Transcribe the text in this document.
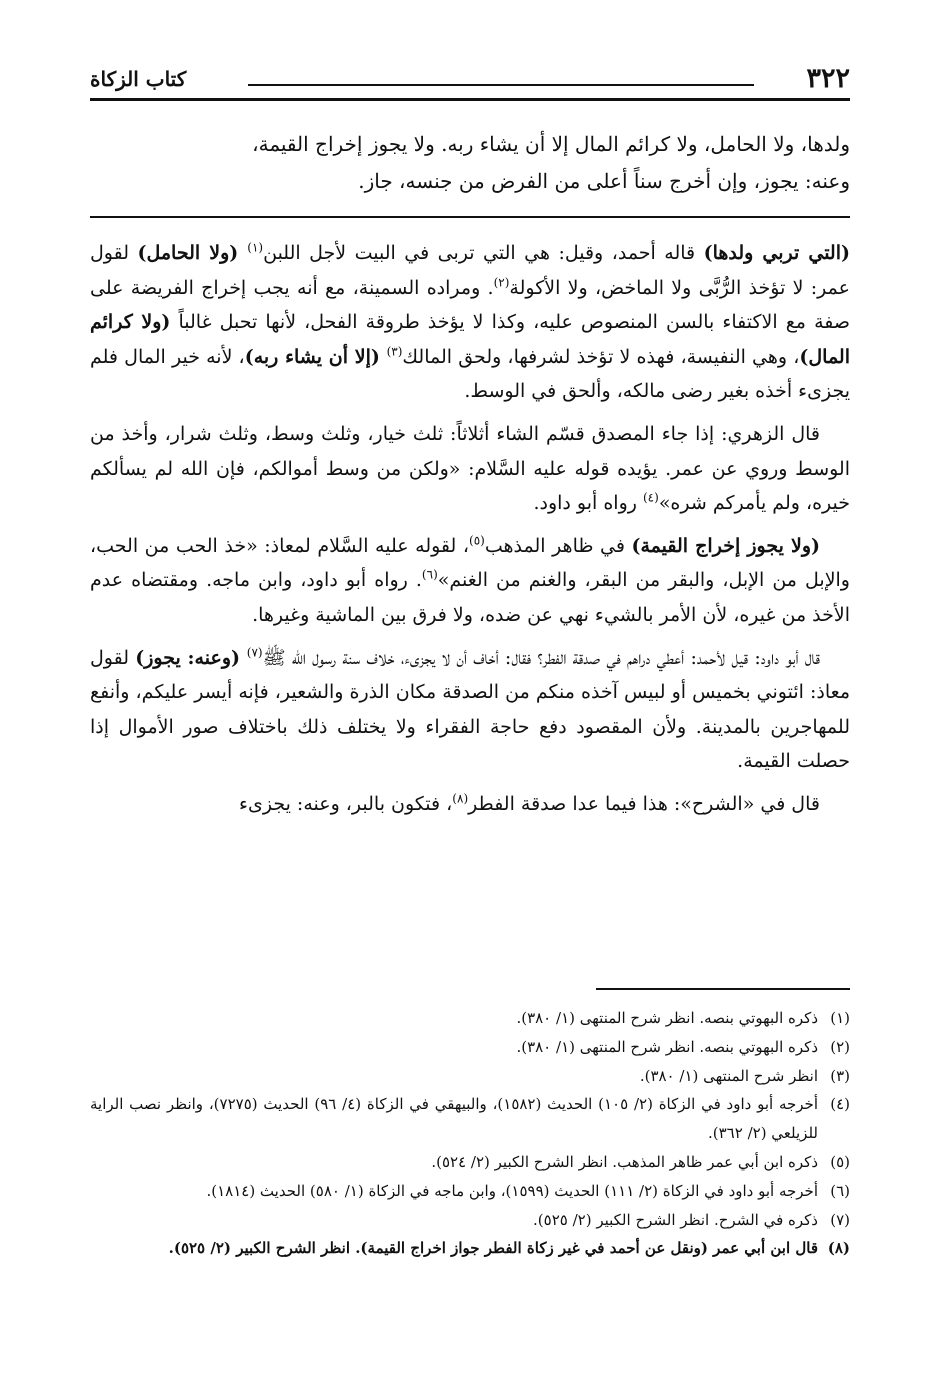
٣٢٢
كتاب الزكاة

ولدها، ولا الحامل، ولا كرائم المال إلا أن يشاء ربه. ولا يجوز إخراج القيمة،

وعنه: يجوز، وإن أخرج سناً أعلى من الفرض من جنسه، جاز.

(التي تربي ولدها) قاله أحمد، وقيل: هي التي تربى في البيت لأجل اللبن$^{(١)}$ (ولا الحامل) لقول عمر: لا تؤخذ الرُّبَّى ولا الماخض، ولا الأكولة$^{(٢)}$. ومراده السمينة، مع أنه يجب إخراج الفريضة على صفة مع الاكتفاء بالسن المنصوص عليه، وكذا لا يؤخذ طروقة الفحل، لأنها تحبل غالباً (ولا كرائم المال)، وهي النفيسة، فهذه لا تؤخذ لشرفها، ولحق المالك$^{(٣)}$ (إلا أن يشاء ربه)، لأنه خير المال فلم يجزىء أخذه بغير رضى مالكه، وألحق في الوسط.

قال الزهري: إذا جاء المصدق قسّم الشاء أثلاثاً: ثلث خيار، وثلث وسط، وثلث شرار، وأخذ من الوسط وروي عن عمر. يؤيده قوله عليه السَّلام: «ولكن من وسط أموالكم، فإن الله لم يسألكم خيره، ولم يأمركم شره»$^{(٤)}$ رواه أبو داود.

(ولا يجوز إخراج القيمة) في ظاهر المذهب$^{(٥)}$، لقوله عليه السَّلام لمعاذ: «خذ الحب من الحب، والإبل من الإبل، والبقر من البقر، والغنم من الغنم»$^{(٦)}$. رواه أبو داود، وابن ماجه. ومقتضاه عدم الأخذ من غيره، لأن الأمر بالشيء نهي عن ضده، ولا فرق بين الماشية وغيرها.

قال أبو داود: قيل لأحمد: أعطي دراهم في صدقة الفطر؟ فقال: أخاف أن لا يجزىء، خلاف سنة رسول الله ﷺ$^{(٧)}$ (وعنه: يجوز) لقول معاذ: ائتوني بخميس أو لبيس آخذه منكم من الصدقة مكان الذرة والشعير، فإنه أيسر عليكم، وأنفع للمهاجرين بالمدينة. ولأن المقصود دفع حاجة الفقراء ولا يختلف ذلك باختلاف صور الأموال إذا حصلت القيمة.

قال في «الشرح»: هذا فيما عدا صدقة الفطر$^{(٨)}$، فتكون بالبر، وعنه: يجزىء

(١)
ذكره البهوتي بنصه. انظر شرح المنتهى (١/ ٣٨٠).
(٢)
ذكره البهوتي بنصه. انظر شرح المنتهى (١/ ٣٨٠).
(٣)
انظر شرح المنتهى (١/ ٣٨٠).
(٤)
أخرجه أبو داود في الزكاة (٢/ ١٠٥) الحديث (١٥٨٢)، والبيهقي في الزكاة (٤/ ٩٦) الحديث (٧٢٧٥)، وانظر نصب الراية للزيلعي (٢/ ٣٦٢).
(٥)
ذكره ابن أبي عمر ظاهر المذهب. انظر الشرح الكبير (٢/ ٥٢٤).
(٦)
أخرجه أبو داود في الزكاة (٢/ ١١١) الحديث (١٥٩٩)، وابن ماجه في الزكاة (١/ ٥٨٠) الحديث (١٨١٤).
(٧)
ذكره في الشرح. انظر الشرح الكبير (٢/ ٥٢٥).
(٨)
قال ابن أبي عمر (ونقل عن أحمد في غير زكاة الفطر جواز اخراج القيمة). انظر الشرح الكبير (٢/ ٥٢٥).
